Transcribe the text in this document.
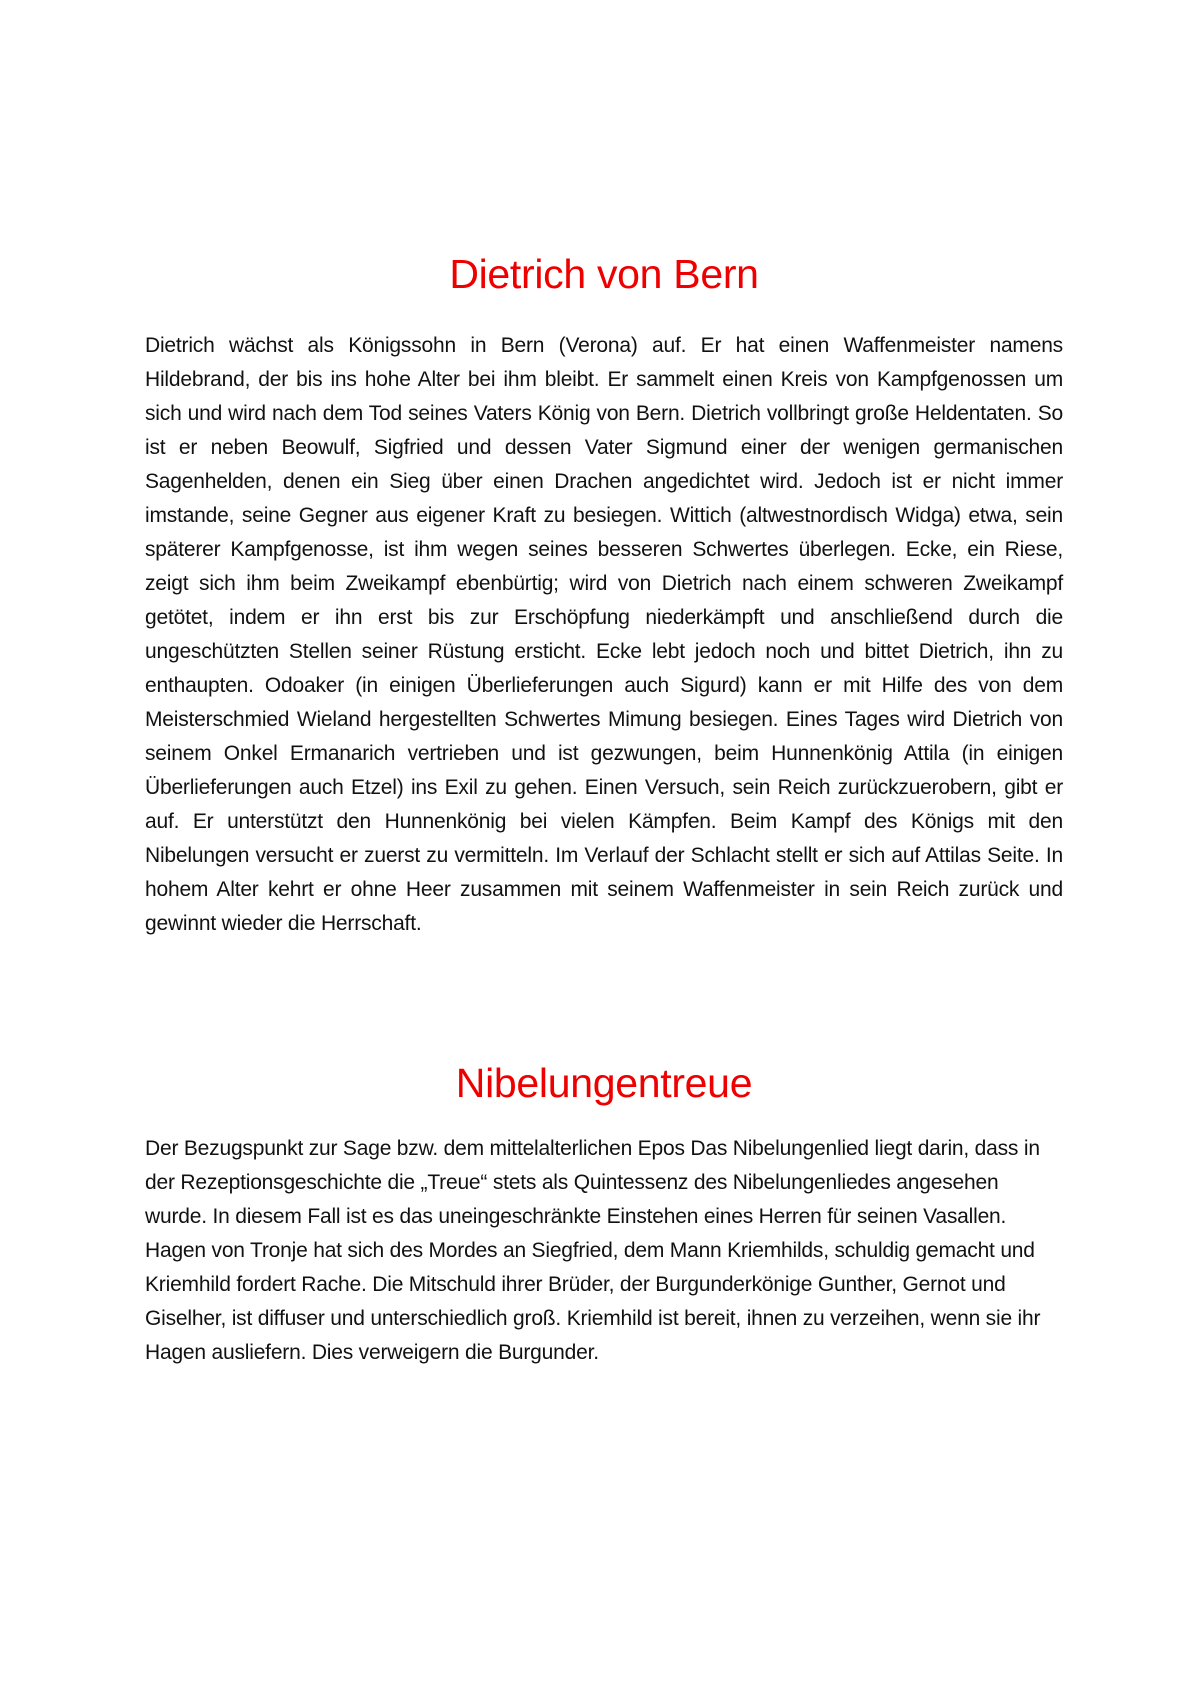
Dietrich von Bern

Dietrich wächst als Königssohn in Bern (Verona) auf. Er hat einen Waffenmeister namens Hildebrand, der bis ins hohe Alter bei ihm bleibt. Er sammelt einen Kreis von Kampfgenossen um sich und wird nach dem Tod seines Vaters König von Bern. Dietrich vollbringt große Heldentaten. So ist er neben Beowulf, Sigfried und dessen Vater Sigmund einer der wenigen germanischen Sagenhelden, denen ein Sieg über einen Drachen angedichtet wird. Jedoch ist er nicht immer imstande, seine Gegner aus eigener Kraft zu besiegen. Wittich (altwestnordisch Widga) etwa, sein späterer Kampfgenosse, ist ihm wegen seines besseren Schwertes überlegen. Ecke, ein Riese, zeigt sich ihm beim Zweikampf ebenbürtig; wird von Dietrich nach einem schweren Zweikampf getötet, indem er ihn erst bis zur Erschöpfung niederkämpft und anschließend durch die ungeschützten Stellen seiner Rüstung ersticht. Ecke lebt jedoch noch und bittet Dietrich, ihn zu enthaupten. Odoaker (in einigen Überlieferungen auch Sigurd) kann er mit Hilfe des von dem Meisterschmied Wieland hergestellten Schwertes Mimung besiegen. Eines Tages wird Dietrich von seinem Onkel Ermanarich vertrieben und ist gezwungen, beim Hunnenkönig Attila (in einigen Überlieferungen auch Etzel) ins Exil zu gehen. Einen Versuch, sein Reich zurückzuerobern, gibt er auf. Er unterstützt den Hunnenkönig bei vielen Kämpfen. Beim Kampf des Königs mit den Nibelungen versucht er zuerst zu vermitteln. Im Verlauf der Schlacht stellt er sich auf Attilas Seite. In hohem Alter kehrt er ohne Heer zusammen mit seinem Waffenmeister in sein Reich zurück und gewinnt wieder die Herrschaft.

Nibelungentreue

Der Bezugspunkt zur Sage bzw. dem mittelalterlichen Epos Das Nibelungenlied liegt darin, dass in der Rezeptionsgeschichte die „Treue“ stets als Quintessenz des Nibelungenliedes angesehen wurde. In diesem Fall ist es das uneingeschränkte Einstehen eines Herren für seinen Vasallen. Hagen von Tronje hat sich des Mordes an Siegfried, dem Mann Kriemhilds, schuldig gemacht und Kriemhild fordert Rache. Die Mitschuld ihrer Brüder, der Burgunderkönige Gunther, Gernot und Giselher, ist diffuser und unterschiedlich groß. Kriemhild ist bereit, ihnen zu verzeihen, wenn sie ihr Hagen ausliefern. Dies verweigern die Burgunder.
